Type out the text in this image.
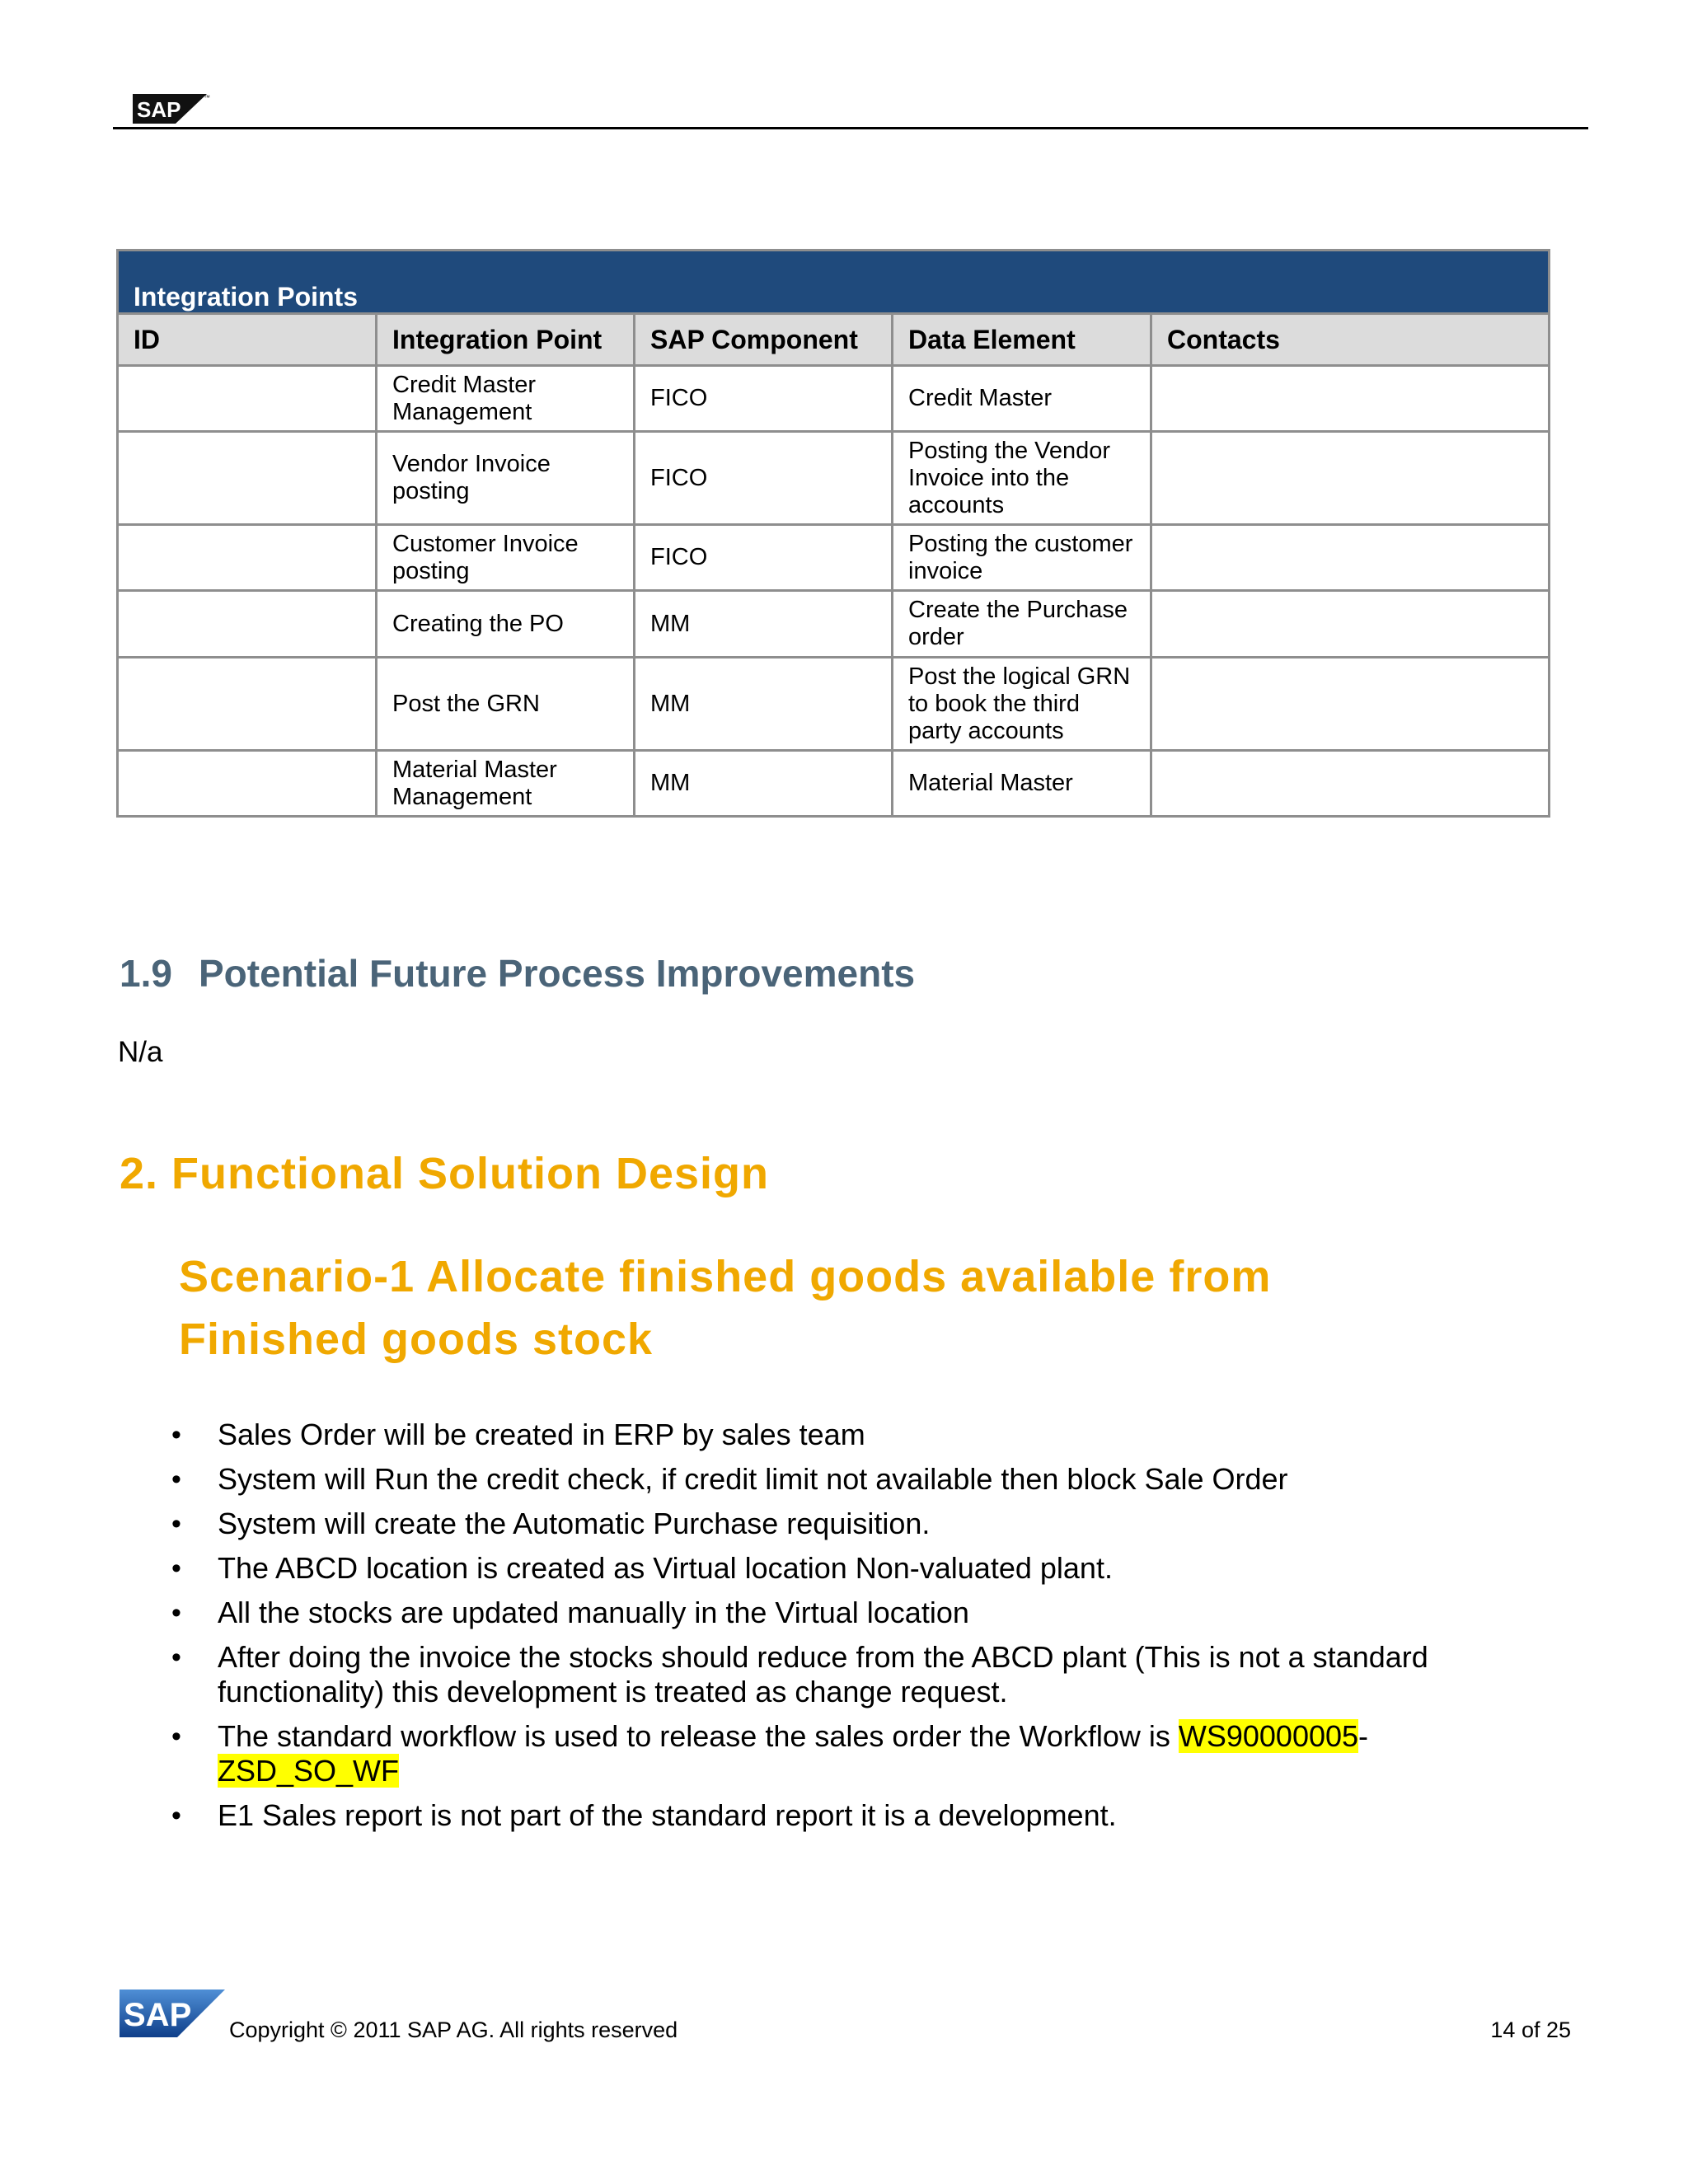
SAP	™
Integration Points				
ID	Integration Point	SAP Component	Data Element	Contacts
	Credit Master Management	FICO	Credit Master	
	Vendor Invoice posting	FICO	Posting the Vendor Invoice into the accounts	
	Customer Invoice posting	FICO	Posting the customer invoice	
	Creating the PO	MM	Create the Purchase order	
	Post the GRN	MM	Post the logical GRN to book the third party accounts	
	Material Master Management	MM	Material Master	
1.9 Potential Future Process Improvements

N/a

2. Functional Solution Design
Scenario-1 Allocate finished goods available from
Finished goods stock
• Sales Order will be created in ERP by sales team
• System will Run the credit check, if credit limit not available then block Sale Order
• System will create the Automatic Purchase requisition.
• The ABCD location is created as Virtual location Non-valuated plant.
• All the stocks are updated manually in the Virtual location
• After doing the invoice the stocks should reduce from the ABCD plant (This is not a standard functionality) this development is treated as change request.
• The standard workflow is used to release the sales order the Workflow is WS90000005-ZSD_SO_WF
• E1 Sales report is not part of the standard report it is a development.
SAP Copyright © 2011 SAP AG. All rights reserved	14 of 25
